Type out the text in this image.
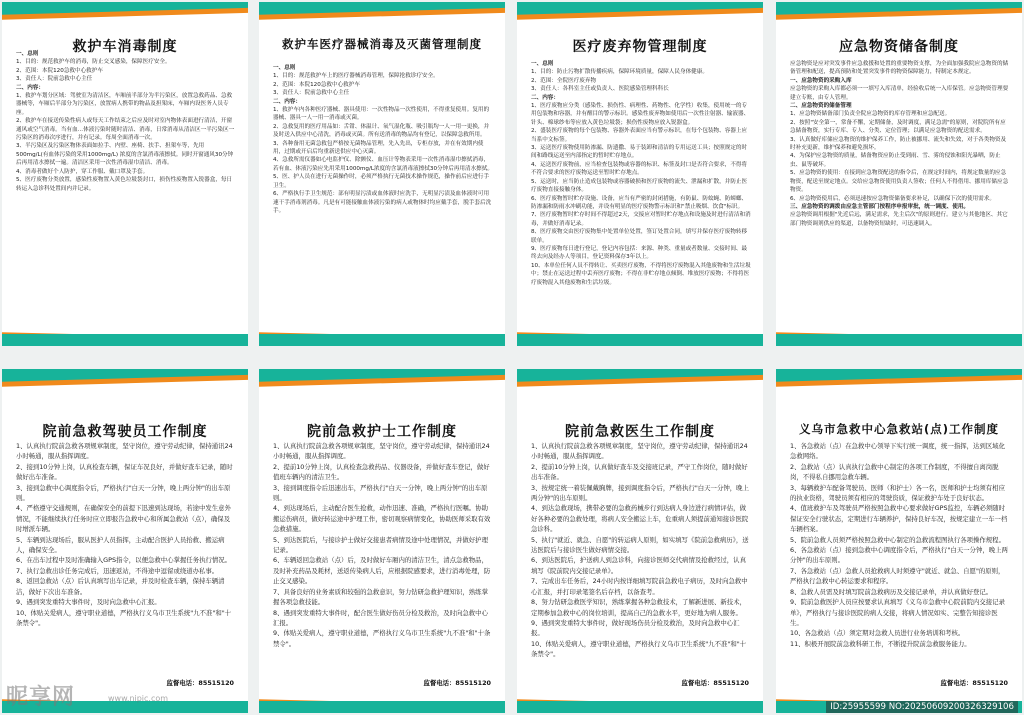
救护车消毒制度

一、总则

1、目的：规范救护车的消毒，防止交叉感染，保障医疗安全。

2、范围：本院120急救中心救护车

3、责任人：院前急救中心主任

二、内容：

1、救护车划分区域：驾驶室为清洁区，车厢前半部分为半污染区，放置急救药品、急救器械等，车厢后半部分为污染区，放置病人携带的物品及担架床，车厢内设医务人员专座。

2、救护车在接送传染性病人或每天工作结束之后应及时对室内物体表面进行清洁，开窗通风或空气消毒。当有血…体液污染时随时清洁、消毒，日常消毒从清洁区一半污染区一污染区的消毒次序进行，并有记录。每周全面消毒一次。

3、半污染区及污染区物体表面如拉手、内壁、座椅、扶手、担架车等，先用500mg/L(有血体污染的采用1000mg/L) 浓度的含氯消毒液擦拭。同时开窗通风30分钟后再用清水擦拭一遍。清洁区采用一次性消毒湿巾清洁、消毒。

4、消毒者做好个人防护，穿工作服、戴口罩及手套。

5、医疗废物分类放置，感染性废物置入黄色垃圾袋封口，损伤性废物置入锐器盒，每日转运入急诊科处置间内并记录。

救护车医疗器械消毒及灭菌管理制度

一、总则

1、目的：规范救护车上的医疗器械消毒管理，保障抢救诊疗安全。

2、范围：本院120急救中心救护车

3、责任人：院前急救中心主任

二、内容：

1、救护车内各种医疗器械、器具使用：一次性物品一次性使用，不得重复使用。复用的器械、器具一人一用一消毒或灭菌。

2、急救复用的医疗用品如：舌钳、体温计、氧气湿化瓶、吸引瓶均一人一用一更换，并及时送入供应中心清洗，消毒或灭菌。所有送消毒的物品均有登记，以保障急救所用。

3、各种备用无菌急救包严格按无菌物品管理，先入先出，专柜存放，并在有效期内使用，过期或开启后均重新送供应中心灭菌。

4、急救所需仪器如心电监护仪、除颤仪、血压计等物表采用一次性消毒湿巾擦拭消毒，若有血、体液污染应先用采用1000mg/L浓度的含氯消毒液擦拭30分钟后再用清水擦拭。

5、医、护人员在进行无菌操作时，必须严格执行无菌技术操作规范，操作前后应进行手卫生。

6、严格执行手卫生规范：部有明显污渍或血体液时应洗手，无明显污渍及血体液时可用速干手消毒剂消毒。凡是有可能接触血体液污染的病人或物体时均应戴手套，脱手套后洗手。

医疗废弃物管理制度

一、总则

1、目的：防止污物扩散传播疾病，保障环境质量，保障人民身体健康。

2、范围：全院医疗废弃物

3、责任人：各科室主任或负责人、医院感染管理科科长

二、内容：

1、医疗废物应分类（感染性、损伤性、病理性、药物性、化学性）收集，使用统一的专用包装物和容器，并有醒目的警示标识。感染性废弃物如使用后一次性注射器、输液器、针头、棉球纱布等应放入黄色垃圾袋；损伤性废物应放入锐器盒。

2、盛装医疗废物的每个包装物、容器外表面应当有警示标识，在每个包装物、容器上应当系中文标签。

3、运送医疗废物使用防渗漏、防遗撒、易于装卸和清洁的专用运送工具；按照规定的时间和路线运送至内部指定的暂时贮存地点。

4、运送医疗废物前，应当检查包装物或容器的标识、标签及封口是否符合要求，不得将不符合要求的医疗废物运送至暂时贮存地点。

5、运送时，应当防止造成包装物或容器破损和医疗废物的流失、泄漏和扩散，并防止医疗废物直接接触身体。

6、医疗废物暂时贮存设施、设备，应当有严密的封闭措施，有防鼠、防蚊蝇、防蟑螂、防渗漏和防雨水冲刷功能，并设有明显的医疗废物警示标识和"禁止吸烟、饮食"标识。

7、医疗废物暂时贮存时间不得超过2天，交接应对暂时贮存地点和设施及时进行清洁和消毒，并做好消毒记录。

8、医疗废物交由医疗废物集中处置单位处置，签订处置合同，填写并保存医疗废物转移联单。

9、医疗废物每日进行登记，登记内容包括：来源、种类、重量或者数量、交接时间、最终去向及经办人等项目，登记资料保存3年以上。

10、本单位任何人员不得转让、买卖医疗废物，不得将医疗废物混入其他废物和生活垃圾中；禁止在运送过程中丢弃医疗废物；不得在非贮存地点倾倒、堆放医疗废物；不得将医疗废物混入其他废物和生活垃圾。

应急物资储备制度

应急物资是应对突发事件应急救援和处置的重要物资支撑，为全面加强我院应急物资的储备管理和配送，提高预防和处置突发事件的物资保障能力，特制定本规定。

一、应急物资的采购入库

应急物资的采购入库都必须一一填写入库清单，经验收后统一入库保管。应急物资管理要建立专账，由专人管理。

二、应急物资的储备管理

1、应急物资储备部门负责全院应急物资的库存管理和应急配送。

2、按照"安全第一，常备不懈，定期储备，及时调度，满足急需"的原则，对院院所有应急储备物资，实行专库、专人、分类、定位管理；以满足应急物资的配送需求。

3、认真做好库储应急物资的维护保养工作，防止被挪用、流失和失效，对于各类物资及时补充更新，维护保养和避免损坏。

4、为保护应急物资的质量，储备物资应防止受到雨、雪、雾的侵蚀和阳光暴晒，防止虫、鼠等破坏。

5、应急物资的使用：在接到应急物资配送的指令后，在规定时间内，将规定数量的应急物资，配送至规定地点。交给应急物资使用负责人签收；任何人不得借用、挪用库储应急物资。

6、应急物资使用后，必须迅速按应急物资储备要求补足，以确保下次的使用需求。

三、应急物资的调拨由应急主管部门按程序申报审批，统一调度、使用。

应急物资调用根据"先近后远，满足需求，先主后次"的原则进行。建立与其他地区、其它部门物资调剂供应的渠道，以备物资短缺时，可迅速调入。

院前急救驾驶员工作制度

1、认真执行院前急救各项规章制度，坚守岗位，遵守劳动纪律，保持通讯24小时畅通，服从指挥调度。

2、接到10分钟上岗，认真检查车辆，保证车况良好，并做好查车记录，随时做好出车准备。

3、接到急救中心调度指令后，严格执行"白天一分钟，晚上两分钟"的出车原则。

4、严格遵守交通规则，在确保安全的前提下迅速到达现场，若途中发生意外情况，不能继续执行任务时应立即报告急救中心和所属急救站（点），确保及时增派车辆。

5、车辆到达现场后，服从医护人员指挥，主动配合医护人员抬救、搬运病人，确保安全。

6、在出车过程中及时准确输入GPS指令，以便急救中心掌握任务执行情况。

7、执行急救出诊任务完成后，迅速返站，不得途中逗留或绕道办私事。

8、返回急救站（点）后认真填写出车记录，并及时检查车辆，保持车辆清洁，做好下次出车准备。

9、遇到突发重特大事件时，及时向急救中心汇报。

10、体贴关爱病人，遵守职业道德，严格执行义乌市卫生系统"九不准"和"十条禁令"。

监督电话：85515120
院前急救护士工作制度

1、认真执行院前急救各项规章制度，坚守岗位，遵守劳动纪律，保持通讯24小时畅通，服从指挥调度。

2、提前10分钟上岗，认真检查急救药品、仪器设备，并做好查车登记，做好值班车辆内的清洁卫生。

3、接到调度指令后迅速出车，严格执行"白天一分钟，晚上两分钟"的出车原则。

4、到达现场后，主动配合医生抢救，动作迅速、准确，严格执行医嘱。协助搬运伤病员，做好转运途中护理工作，密切观察病情变化，协助医师采取有效急救措施。

5、到达医院后，与接诊护士做好交接患者病情及途中处理情况，并做好护理记录。

6、车辆返回急救站（点）后，及时做好车厢内的清洁卫生，清点急救物品，及时补充药品及耗材，送返传染病人后，应根据院感要求，进行消毒处理，防止交叉感染。

7、具备良好的业务素质和较强的急救意识，努力钻研急救护理知识，熟练掌握各项急救技能。

8、遇到突发重特大事件时，配合医生做好伤员分检及救治，及时向急救中心汇报。

9、体贴关爱病人，遵守职业道德，严格执行义乌市卫生系统"九不准"和"十条禁令"。

监督电话：85515120
院前急救医生工作制度

1、认真执行院前急救各项规章制度，坚守岗位，遵守劳动纪律，保持通讯24小时畅通，服从指挥调度。

2、提前10分钟上岗，认真做好查车及交接班记录，严守工作岗位，随时做好出车准备。

3、按规定统一着装佩戴胸牌，接到调度指令后，严格执行"白天一分钟，晚上两分钟"的出车原则。

4、到达急救现场，携带必要的急救药械步行到达病人身边进行病情评估，做好各种必要的急救处理，将病人安全搬运上车，危重病人须提前通知接诊医院急诊科。

5、执行"就近、就急、自愿"的转运病人原则，如实填写《院前急救病历》，送达医院后与接诊医生做好病情交接。

6、到达医院后，护送病人到急诊科，向接诊医师交代病情及抢救经过，认真填写《院前院内交接记录单》。

7、完成出车任务后，24小时内按详细填写院前急救电子病历，及时向急救中心汇报，并打印录笔签名后存档，以备查考。

8、努力钻研急救医学知识，熟练掌握各种急救技术，了解新进展、新技术，定期参加急救中心的岗位培训，提高自己的急救水平，更好地为病人服务。

9、遇到突发重特大事件时，做好现场伤员分检及救治，及时向急救中心汇报。

10、体贴关爱病人，遵守职业道德，严格执行义乌市卫生系统"九不准"和"十条禁令"。

监督电话：85515120
义乌市急救中心急救站(点)工作制度

1、各急救站（点）在急救中心领导下实行统一调度，统一指挥，达到区域化急救网络。

2、急救站（点）认真执行急救中心制定的各项工作制度，不得擅自离岗脱岗，不得私自挪用急救车辆。

3、每辆救护车配备驾驶员、医师（和护士）各一名，医师和护士均须有相应的执业资格，驾驶员须有相应的驾驶资质，保证救护车处于良好状态。

4、值班救护车及驾驶员严格按照急救中心要求做好GPS监控，车辆必须随时保证安全行驶状态，定期进行车辆养护，保持良好车况，按规定建立一车一档车辆档案。

5、院前急救人员须严格按照急救中心制定的急救流程图执行各项操作规程。

6、各急救站（点）接到急救中心调度指令后，严格执行"白天一分钟，晚上两分钟"的出车原则。

7、各急救站（点）急救人员抢救病人时须遵守"就近、就急、自愿"的原则，严格执行急救中心转运要求和程序。

8、急救人员需及时填写院前急救病历及交接记录单，并认真做好登记。

9、院前急救医护人员应按要求认真填写《义乌市急救中心院前院内交接记录单》，严格执行与接诊医院的病人交接，将病人情况如实、完整告知接诊医生。

10、各急救站（点）须定期对急救人员进行业务培训和考核。

11、积极开展院前急救科研工作，不断提升院前急救服务能力。

监督电话：85515120
昵享网	www.nipic.com
ID:25955599 NO:20250609200326329106
